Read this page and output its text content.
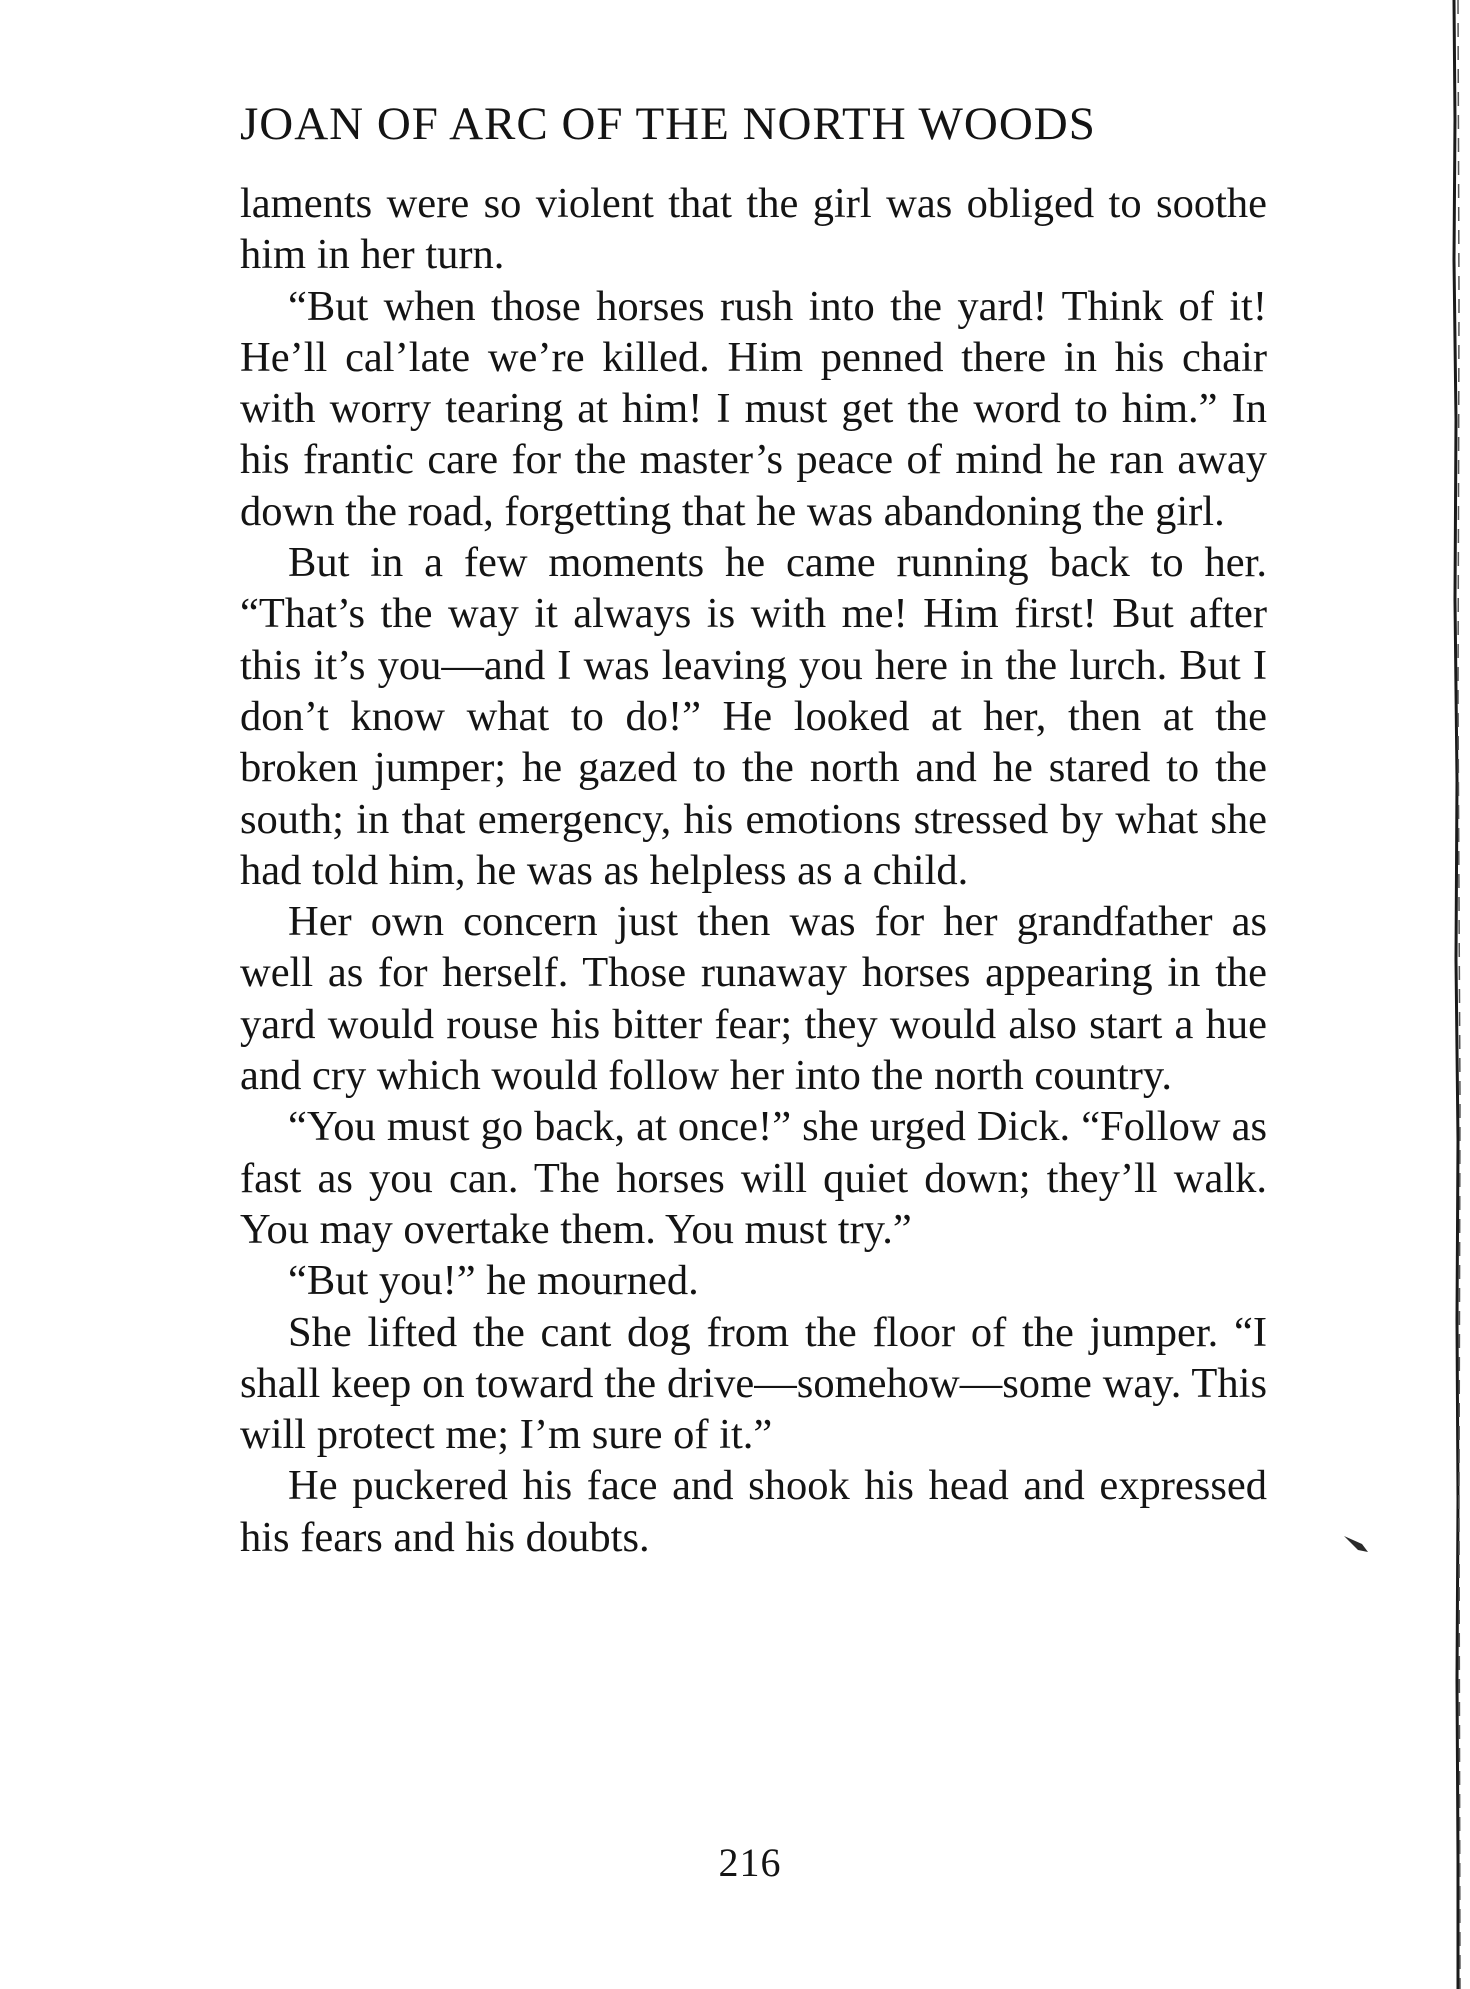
JOAN OF ARC OF THE NORTH WOODS

laments were so violent that the girl was obliged to soothe him in her turn.

“But when those horses rush into the yard! Think of it! He’ll cal’late we’re killed. Him penned there in his chair with worry tearing at him! I must get the word to him.” In his frantic care for the master’s peace of mind he ran away down the road, forgetting that he was abandoning the girl.

But in a few moments he came running back to her. “That’s the way it always is with me! Him first! But after this it’s you—and I was leaving you here in the lurch. But I don’t know what to do!” He looked at her, then at the broken jumper; he gazed to the north and he stared to the south; in that emergency, his emotions stressed by what she had told him, he was as helpless as a child.

Her own concern just then was for her grandfather as well as for herself. Those runaway horses appearing in the yard would rouse his bitter fear; they would also start a hue and cry which would follow her into the north country.

“You must go back, at once!” she urged Dick. “Follow as fast as you can. The horses will quiet down; they’ll walk. You may overtake them. You must try.”

“But you!” he mourned.

She lifted the cant dog from the floor of the jumper. “I shall keep on toward the drive—somehow—some way. This will protect me; I’m sure of it.”

He puckered his face and shook his head and expressed his fears and his doubts.

216
